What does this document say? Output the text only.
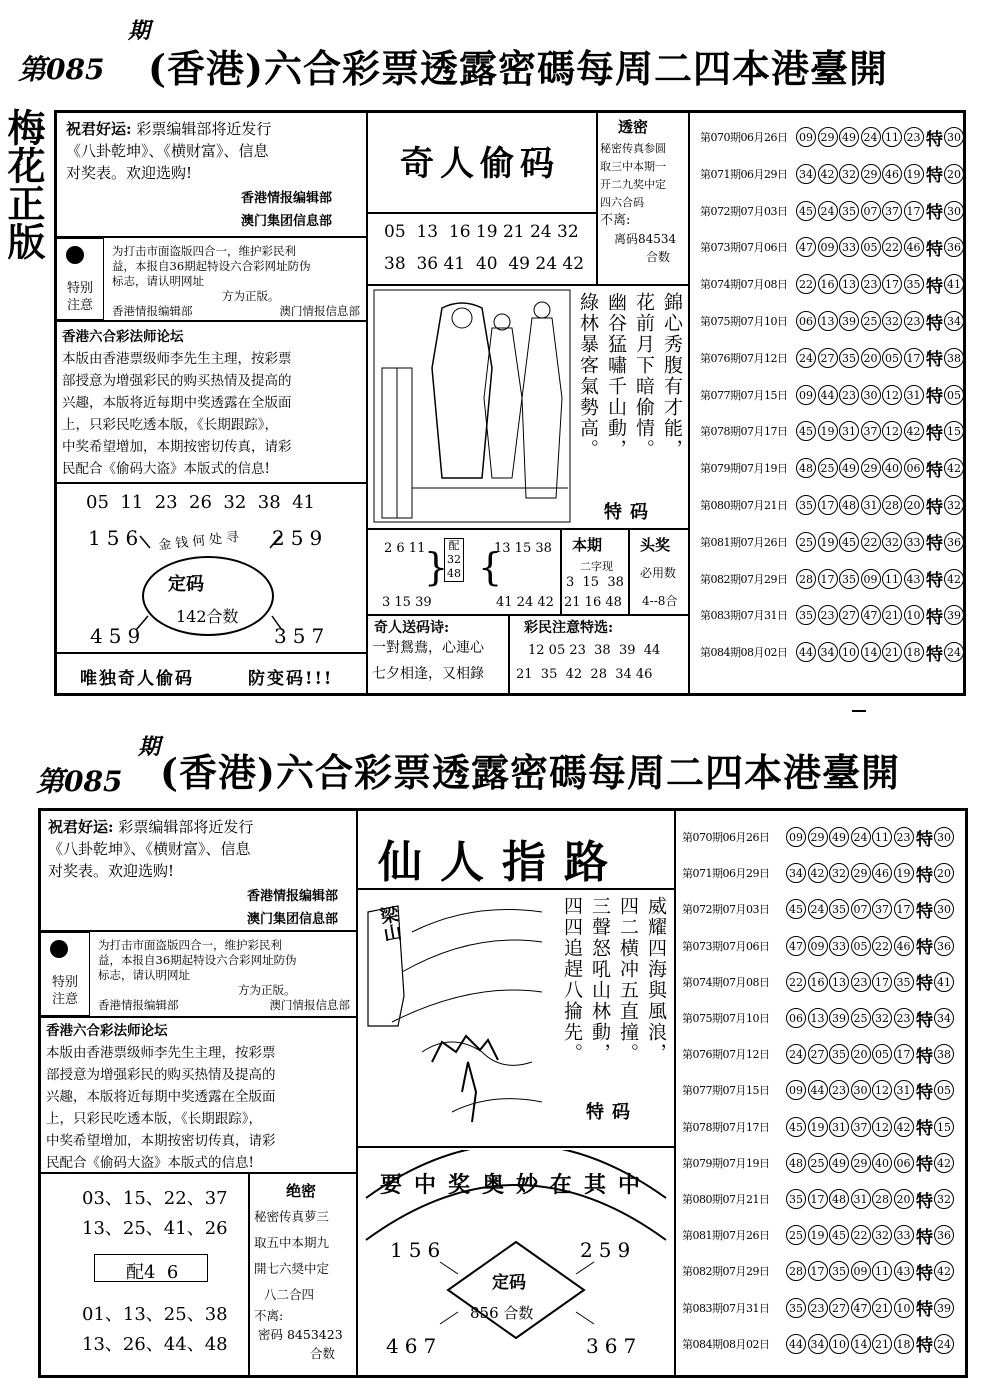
梅花正版
第085
期
(香港)六合彩票透露密碼每周二四本港臺開
祝君好运: 彩票编辑部将近发行
《八卦乾坤》、《横财富》、信息
对奖表。欢迎选购!
香港情报编辑部
澳门集团信息部
特别
注意
为打击市面盗版四合一，维护彩民利
益，本报自36期起特设六合彩网址防伪
标志，请认明网址
方为正版。
香港情报编辑部	澳门情报信息部
香港六合彩法师论坛
本版由香港票级师李先生主理，按彩票
部授意为增强彩民的购买热情及提高的
兴趣，本版将近每期中奖透露在全版面
上，只彩民吃透本版，《长期跟踪》，
中奖希望增加，本期按密切传真，请彩
民配合《偷码大盗》本版式的信息!
05  11  23  26  32  38  41
156	259
金钱何处寻
定码
142合数
459	357
唯独奇人偷码	防变码!!!
奇人偷码
05  13  16 19 21 24 32
38  36 41  40  49 24 42
透密
秘密传真参圆
取三中本期一
开二九奖中定
四六合码
不离:
离码84534
合数
錦心秀腹有才能，
花前月下暗偷情。
幽谷猛嘯千山動，
綠林暴客氣勢高。
特码
2 6 11 配
32
48
13 15 38
} {
3 15 39	41 24 42
本期
二字现
3  15  38
21 16 48
头奖
必用数
4--8合
奇人送码诗:
一對鴛鴦，心連心
七夕相逢，又相錄
彩民注意特选:
12 05 23  38  39  44
21  35  42  28  34 46
第070期06月26日	09 29 49 24 11 23 特 30
第071期06月29日	34 42 32 29 46 19 特 20
第072期07月03日	45 24 35 07 37 17 特 30
第073期07月06日	47 09 33 05 22 46 特 36
第074期07月08日	22 16 13 23 17 35 特 41
第075期07月10日	06 13 39 25 32 23 特 34
第076期07月12日	24 27 35 20 05 17 特 38
第077期07月15日	09 44 23 30 12 31 特 05
第078期07月17日	45 19 31 37 12 42 特 15
第079期07月19日	48 25 49 29 40 06 特 42
第080期07月21日	35 17 48 31 28 20 特 32
第081期07月26日	25 19 45 22 32 33 特 36
第082期07月29日	28 17 35 09 11 43 特 42
第083期07月31日	35 23 27 47 21 10 特 39
第084期08月02日	44 34 10 14 21 18 特 24
第085
期
(香港)六合彩票透露密碼每周二四本港臺開
祝君好运: 彩票编辑部将近发行
《八卦乾坤》、《横财富》、信息
对奖表。欢迎选购!
香港情报编辑部
澳门集团信息部
特别
注意
为打击市面盗版四合一，维护彩民利
益，本报自36期起特设六合彩网址防伪
标志，请认明网址
方为正版。
香港情报编辑部	澳门情报信息部
香港六合彩法师论坛
本版由香港票级师李先生主理，按彩票
部授意为增强彩民的购买热情及提高的
兴趣，本版将近每期中奖透露在全版面
上，只彩民吃透本版，《长期跟踪》，
中奖希望增加，本期按密切传真，请彩
民配合《偷码大盗》本版式的信息!
03、15、22、37
13、25、41、26
配4  6
01、13、25、38
13、26、44、48
绝密
秘密传真萝三
取五中本期九
開七六奨中定
八二合四
不离:
密码 8453423
合数
仙人指路
梁山	威耀四海與風浪，
四二横冲五直撞。
三聲怒吼山林動，
四四追趕八掄先。
特码
要中奖奥妙在其中
156	259
定码
856 合数
467	367
第070期06月26日	09 29 49 24 11 23 特 30
第071期06月29日	34 42 32 29 46 19 特 20
第072期07月03日	45 24 35 07 37 17 特 30
第073期07月06日	47 09 33 05 22 46 特 36
第074期07月08日	22 16 13 23 17 35 特 41
第075期07月10日	06 13 39 25 32 23 特 34
第076期07月12日	24 27 35 20 05 17 特 38
第077期07月15日	09 44 23 30 12 31 特 05
第078期07月17日	45 19 31 37 12 42 特 15
第079期07月19日	48 25 49 29 40 06 特 42
第080期07月21日	35 17 48 31 28 20 特 32
第081期07月26日	25 19 45 22 32 33 特 36
第082期07月29日	28 17 35 09 11 43 特 42
第083期07月31日	35 23 27 47 21 10 特 39
第084期08月02日	44 34 10 14 21 18 特 24
